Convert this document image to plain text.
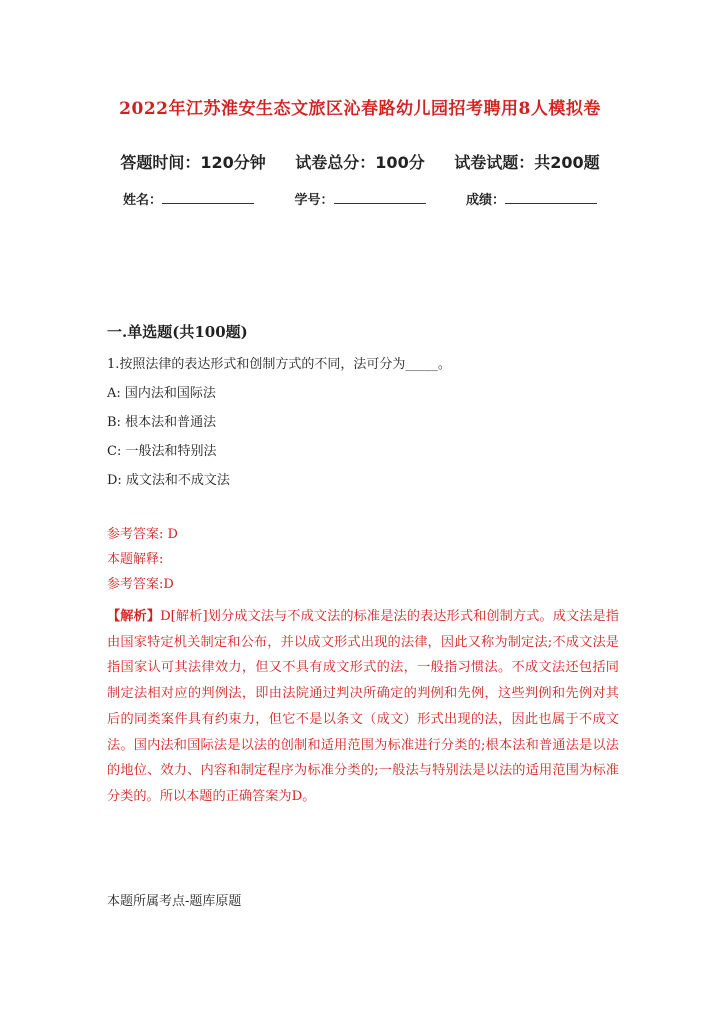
2022年江苏淮安生态文旅区沁春路幼儿园招考聘用8人模拟卷
答题时间：120分钟 试卷总分：100分 试卷试题：共200题
姓名：	学号：	成绩：
一.单选题(共100题)
1.按照法律的表达形式和创制方式的不同，法可分为_____。
A: 国内法和国际法
B: 根本法和普通法
C: 一般法和特别法
D: 成文法和不成文法
参考答案: D
本题解释:
参考答案:D
【解析】D[解析]划分成文法与不成文法的标准是法的表达形式和创制方式。成文法是指由国家特定机关制定和公布，并以成文形式出现的法律，因此又称为制定法;不成文法是指国家认可其法律效力，但又不具有成文形式的法，一般指习惯法。不成文法还包括同制定法相对应的判例法，即由法院通过判决所确定的判例和先例，这些判例和先例对其后的同类案件具有约束力，但它不是以条文（成文）形式出现的法，因此也属于不成文法。国内法和国际法是以法的创制和适用范围为标准进行分类的;根本法和普通法是以法的地位、效力、内容和制定程序为标准分类的;一般法与特别法是以法的适用范围为标准分类的。所以本题的正确答案为D。
本题所属考点-题库原题
